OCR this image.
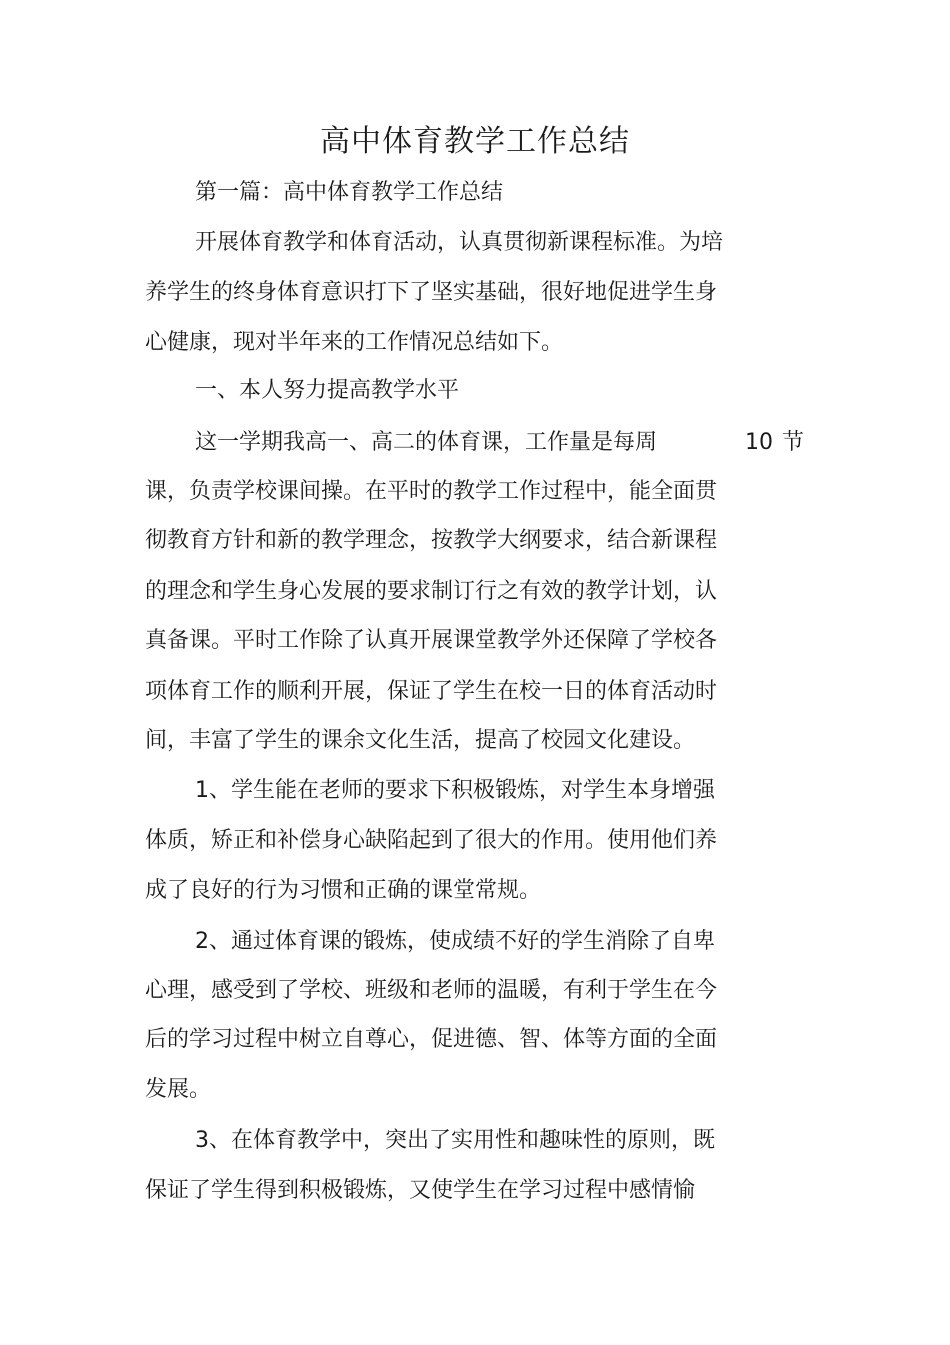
高中体育教学工作总结

第一篇：高中体育教学工作总结

开展体育教学和体育活动，认真贯彻新课程标准。为培

养学生的终身体育意识打下了坚实基础，很好地促进学生身

心健康，现对半年来的工作情况总结如下。

一、本人努力提高教学水平

这一学期我高一、高二的体育课，工作量是每周	10 节

课，负责学校课间操。在平时的教学工作过程中，能全面贯

彻教育方针和新的教学理念，按教学大纲要求，结合新课程

的理念和学生身心发展的要求制订行之有效的教学计划，认

真备课。平时工作除了认真开展课堂教学外还保障了学校各

项体育工作的顺利开展，保证了学生在校一日的体育活动时

间，丰富了学生的课余文化生活，提高了校园文化建设。

1、学生能在老师的要求下积极锻炼，对学生本身增强

体质，矫正和补偿身心缺陷起到了很大的作用。使用他们养

成了良好的行为习惯和正确的课堂常规。

2、通过体育课的锻炼，使成绩不好的学生消除了自卑

心理，感受到了学校、班级和老师的温暖，有利于学生在今

后的学习过程中树立自尊心，促进德、智、体等方面的全面

发展。

3、在体育教学中，突出了实用性和趣味性的原则，既

保证了学生得到积极锻炼，又使学生在学习过程中感情愉
